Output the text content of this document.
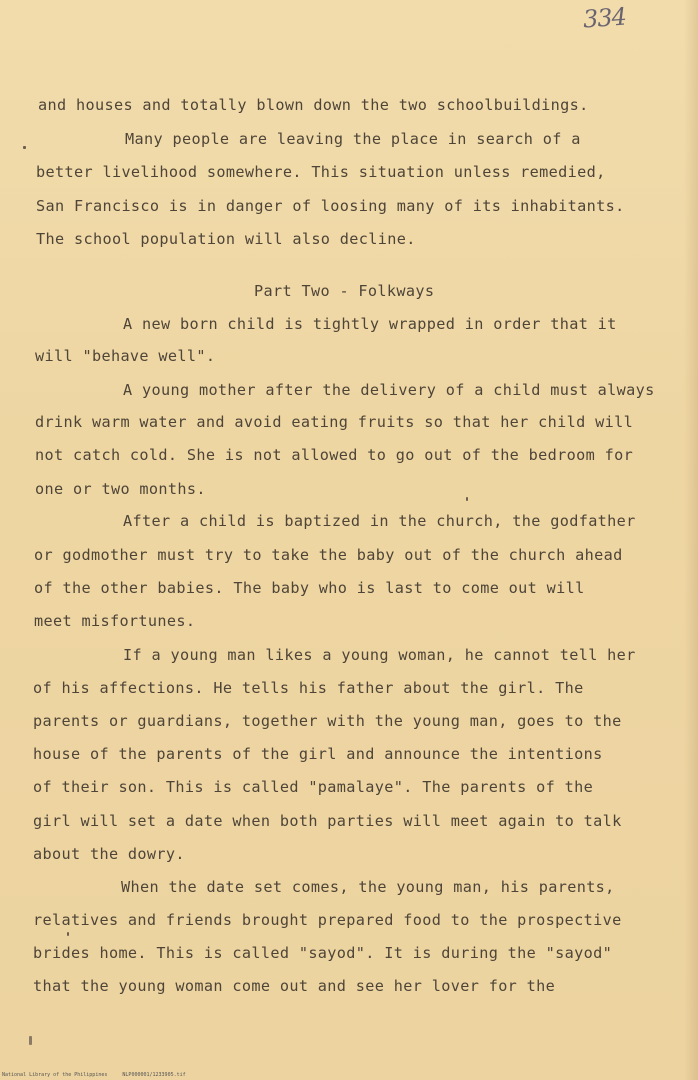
334
and houses and totally blown down the two schoolbuildings.
Many people are leaving the place in search of a
better livelihood somewhere. This situation unless remedied,
San Francisco is in danger of loosing many of its inhabitants.
The school population will also decline.
Part Two - Folkways
A new born child is tightly wrapped in order that it
will "behave well".
A young mother after the delivery of a child must always
drink warm water and avoid eating fruits so that her child will
not catch cold. She is not allowed to go out of the bedroom for
one or two months.
After a child is baptized in the church, the godfather
or godmother must try to take the baby out of the church ahead
of the other babies. The baby who is last to come out will
meet misfortunes.
If a young man likes a young woman, he cannot tell her
of his affections. He tells his father about the girl. The
parents or guardians, together with the young man, goes to the
house of the parents of the girl and announce the intentions
of their son. This is called "pamalaye". The parents of the
girl will set a date when both parties will meet again to talk
about the dowry.
When the date set comes, the young man, his parents,
relatives and friends brought prepared food to the prospective
brides home. This is called "sayod". It is during the "sayod"
that the young woman come out and see her lover for the
National Library of the Philippines     NLP000001/1233905.tif
